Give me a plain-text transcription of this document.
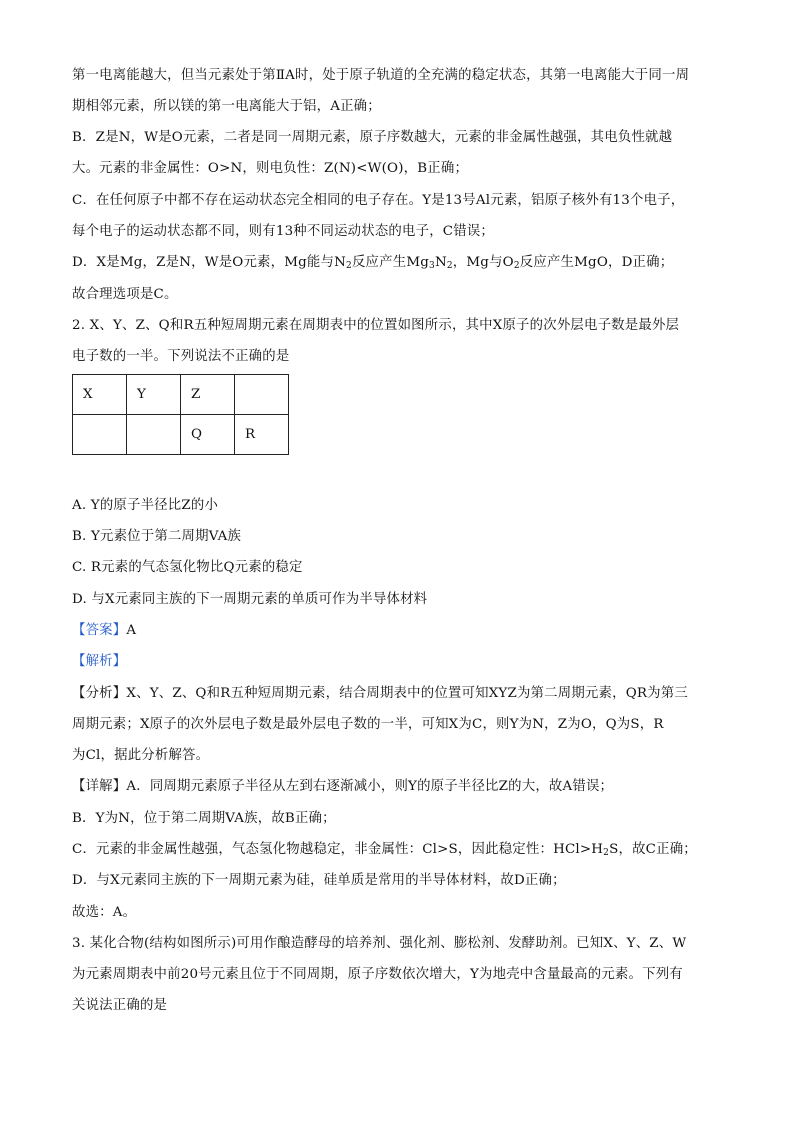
第一电离能越大，但当元素处于第ⅡA时，处于原子轨道的全充满的稳定状态，其第一电离能大于同一周
期相邻元素，所以镁的第一电离能大于铝，A正确；
B．Z是N，W是O元素，二者是同一周期元素，原子序数越大，元素的非金属性越强，其电负性就越
大。元素的非金属性：O>N，则电负性：Z(N)<W(O)，B正确；
C．在任何原子中都不存在运动状态完全相同的电子存在。Y是13号Al元素，铝原子核外有13个电子，
每个电子的运动状态都不同，则有13种不同运动状态的电子，C错误；
D．X是Mg，Z是N，W是O元素，Mg能与$N_2$反应产生$Mg_3N_2$，Mg与$O_2$反应产生MgO，D正确；
故合理选项是C。
2. X、Y、Z、Q和R五种短周期元素在周期表中的位置如图所示，其中X原子的次外层电子数是最外层
电子数的一半。下列说法不正确的是
X	Y	Z	
		Q	R
A. Y的原子半径比Z的小
B. Y元素位于第二周期VA族
C. R元素的气态氢化物比Q元素的稳定
D. 与X元素同主族的下一周期元素的单质可作为半导体材料
【答案】A
【解析】
【分析】X、Y、Z、Q和R五种短周期元素，结合周期表中的位置可知XYZ为第二周期元素，QR为第三
周期元素；X原子的次外层电子数是最外层电子数的一半，可知X为C，则Y为N，Z为O，Q为S，R
为Cl，据此分析解答。
【详解】A．同周期元素原子半径从左到右逐渐减小，则Y的原子半径比Z的大，故A错误；
B．Y为N，位于第二周期VA族，故B正确；
C．元素的非金属性越强，气态氢化物越稳定，非金属性：Cl>S，因此稳定性：$HCl>H_2S$，故C正确；
D．与X元素同主族的下一周期元素为硅，硅单质是常用的半导体材料，故D正确；
故选：A。
3. 某化合物(结构如图所示)可用作酿造酵母的培养剂、强化剂、膨松剂、发酵助剂。已知X、Y、Z、W
为元素周期表中前20号元素且位于不同周期，原子序数依次增大，Y为地壳中含量最高的元素。下列有
关说法正确的是
